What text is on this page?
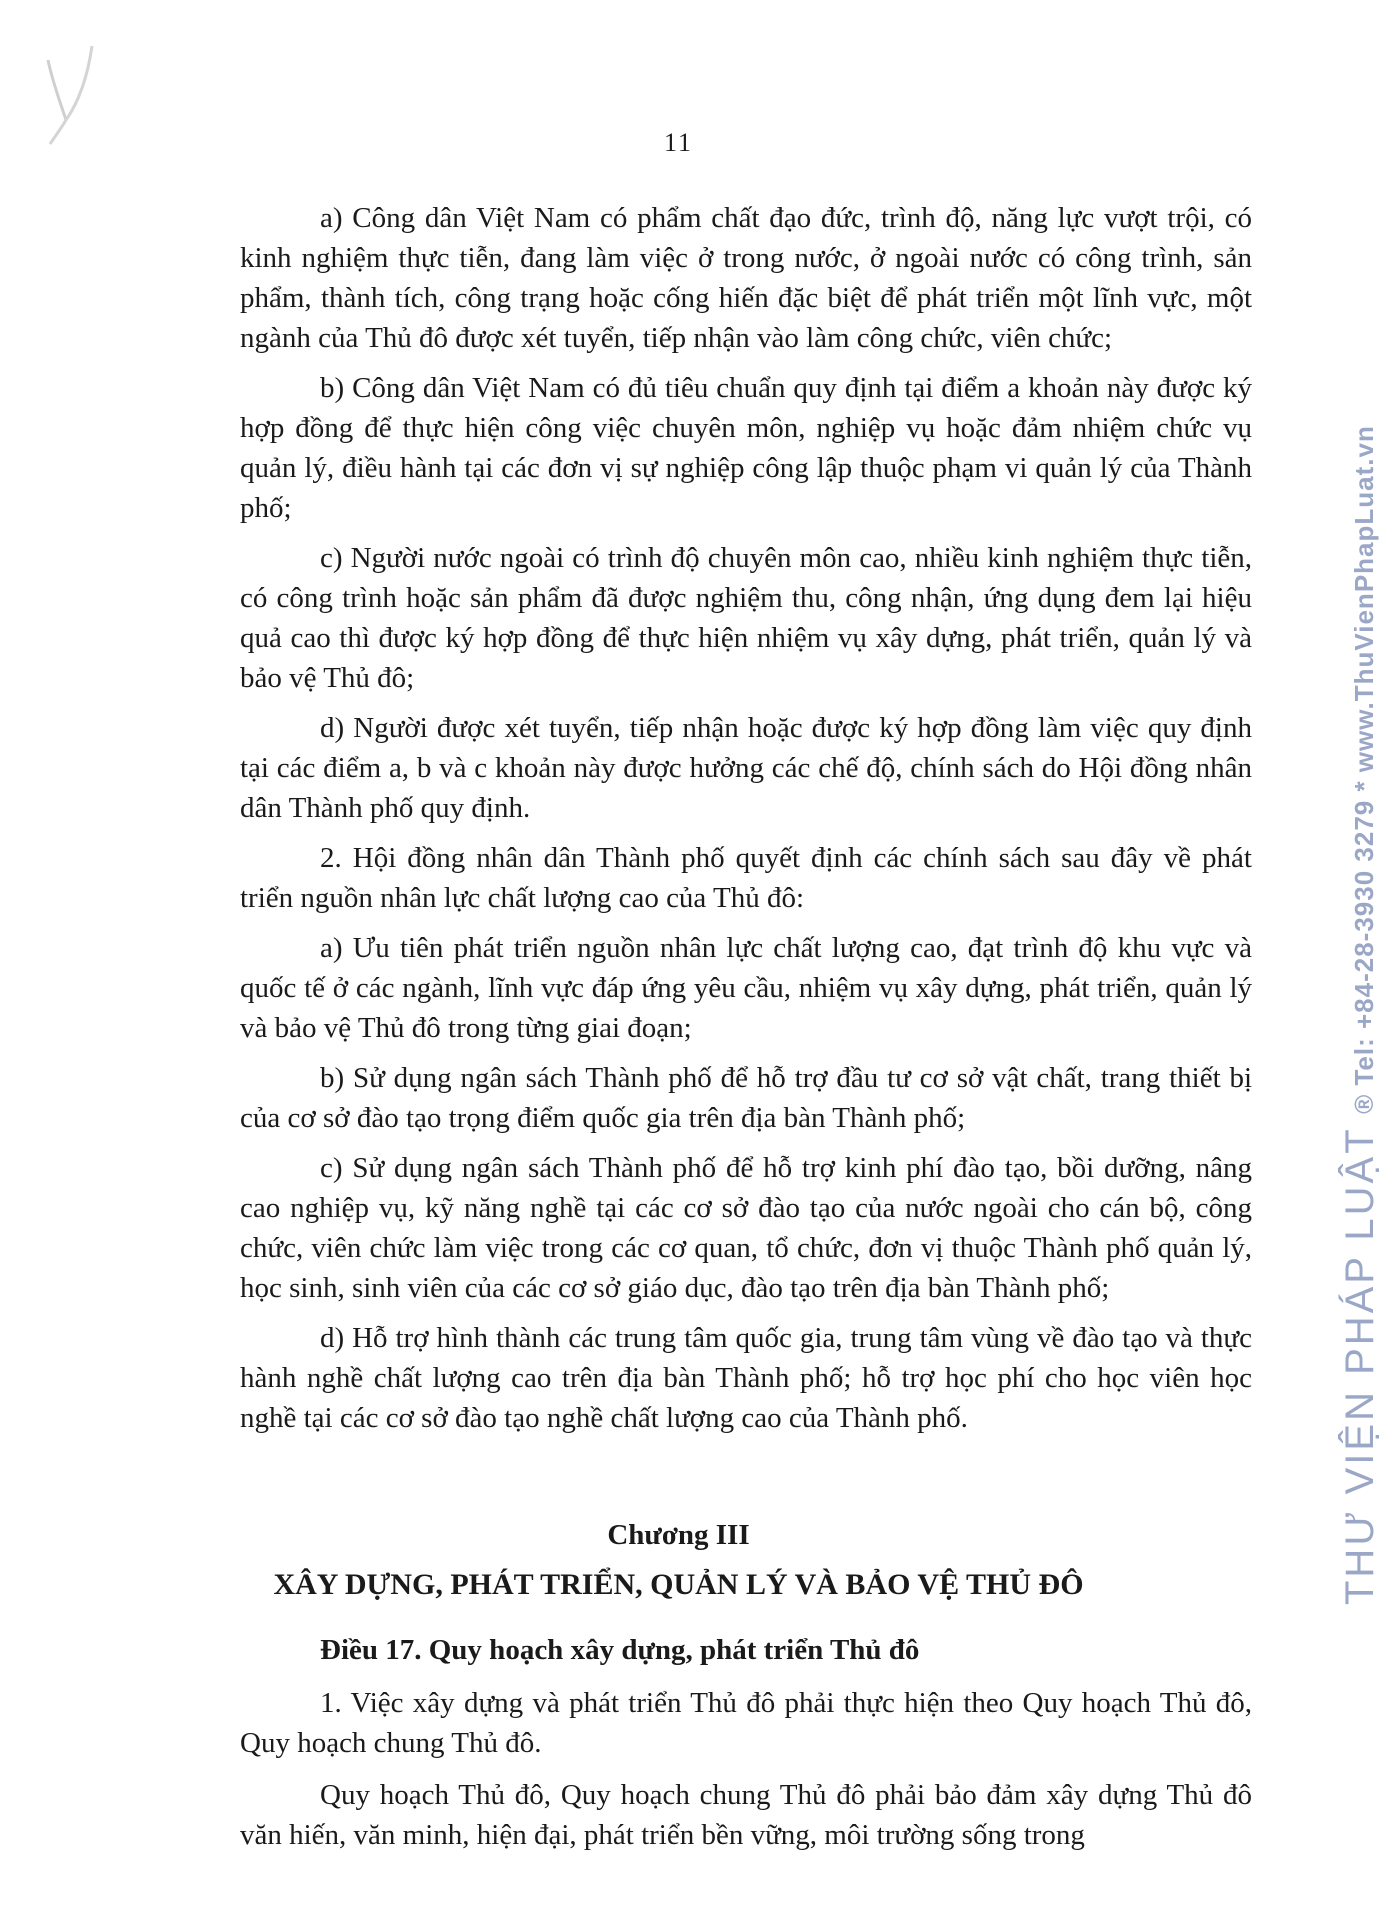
11

a) Công dân Việt Nam có phẩm chất đạo đức, trình độ, năng lực vượt trội, có kinh nghiệm thực tiễn, đang làm việc ở trong nước, ở ngoài nước có công trình, sản phẩm, thành tích, công trạng hoặc cống hiến đặc biệt để phát triển một lĩnh vực, một ngành của Thủ đô được xét tuyển, tiếp nhận vào làm công chức, viên chức;

b) Công dân Việt Nam có đủ tiêu chuẩn quy định tại điểm a khoản này được ký hợp đồng để thực hiện công việc chuyên môn, nghiệp vụ hoặc đảm nhiệm chức vụ quản lý, điều hành tại các đơn vị sự nghiệp công lập thuộc phạm vi quản lý của Thành phố;

c) Người nước ngoài có trình độ chuyên môn cao, nhiều kinh nghiệm thực tiễn, có công trình hoặc sản phẩm đã được nghiệm thu, công nhận, ứng dụng đem lại hiệu quả cao thì được ký hợp đồng để thực hiện nhiệm vụ xây dựng, phát triển, quản lý và bảo vệ Thủ đô;

d) Người được xét tuyển, tiếp nhận hoặc được ký hợp đồng làm việc quy định tại các điểm a, b và c khoản này được hưởng các chế độ, chính sách do Hội đồng nhân dân Thành phố quy định.

2. Hội đồng nhân dân Thành phố quyết định các chính sách sau đây về phát triển nguồn nhân lực chất lượng cao của Thủ đô:

a) Ưu tiên phát triển nguồn nhân lực chất lượng cao, đạt trình độ khu vực và quốc tế ở các ngành, lĩnh vực đáp ứng yêu cầu, nhiệm vụ xây dựng, phát triển, quản lý và bảo vệ Thủ đô trong từng giai đoạn;

b) Sử dụng ngân sách Thành phố để hỗ trợ đầu tư cơ sở vật chất, trang thiết bị của cơ sở đào tạo trọng điểm quốc gia trên địa bàn Thành phố;

c) Sử dụng ngân sách Thành phố để hỗ trợ kinh phí đào tạo, bồi dưỡng, nâng cao nghiệp vụ, kỹ năng nghề tại các cơ sở đào tạo của nước ngoài cho cán bộ, công chức, viên chức làm việc trong các cơ quan, tổ chức, đơn vị thuộc Thành phố quản lý, học sinh, sinh viên của các cơ sở giáo dục, đào tạo trên địa bàn Thành phố;

d) Hỗ trợ hình thành các trung tâm quốc gia, trung tâm vùng về đào tạo và thực hành nghề chất lượng cao trên địa bàn Thành phố; hỗ trợ học phí cho học viên học nghề tại các cơ sở đào tạo nghề chất lượng cao của Thành phố.

Chương III
XÂY DỰNG, PHÁT TRIỂN, QUẢN LÝ VÀ BẢO VỆ THỦ ĐÔ
Điều 17. Quy hoạch xây dựng, phát triển Thủ đô

1. Việc xây dựng và phát triển Thủ đô phải thực hiện theo Quy hoạch Thủ đô, Quy hoạch chung Thủ đô.

Quy hoạch Thủ đô, Quy hoạch chung Thủ đô phải bảo đảm xây dựng Thủ đô văn hiến, văn minh, hiện đại, phát triển bền vững, môi trường sống trong

THƯ VIỆN PHÁP LUẬT ® Tel: +84-28-3930 3279 * www.ThuVienPhapLuat.vn
